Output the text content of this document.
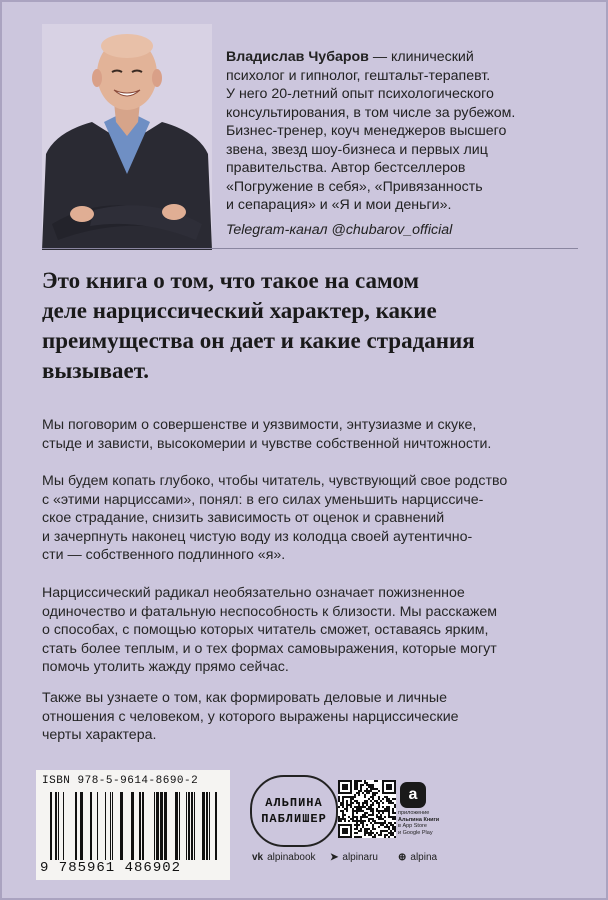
Владислав Чубаров — клинический
психолог и гипнолог, гештальт-терапевт.
У него 20-летний опыт психологического
консультирования, в том числе за рубежом.
Бизнес-тренер, коуч менеджеров высшего
звена, звезд шоу-бизнеса и первых лиц
правительства. Автор бестселлеров
«Погружение в себя», «Привязанность
и сепарация» и «Я и мои деньги».
Telegram-канал @chubarov_official
Это книга о том, что такое на самом
деле нарциссический характер, какие
преимущества он дает и какие страдания
вызывает.
Мы поговорим о совершенстве и уязвимости, энтузиазме и скуке,
стыде и зависти, высокомерии и чувстве собственной ничтожности.
Мы будем копать глубоко, чтобы читатель, чувствующий свое родство
с «этими нарциссами», понял: в его силах уменьшить нарциссиче-
ское страдание, снизить зависимость от оценок и сравнений
и зачерпнуть наконец чистую воду из колодца своей аутентично-
сти — собственного подлинного «я».
Нарциссический радикал необязательно означает пожизненное
одиночество и фатальную неспособность к близости. Мы расскажем
о способах, с помощью которых читатель сможет, оставаясь ярким,
стать более теплым, и о тех формах самовыражения, которые могут
помочь утолить жажду прямо сейчас.
Также вы узнаете о том, как формировать деловые и личные
отношения с человеком, у которого выражены нарциссические
черты характера.
ISBN 978-5-9614-8690-2
9 785961 486902
АЛЬПИНА
ПАБЛИШЕР
a
приложение
Альпина Книги
в App Store
и Google Play
vk alpinabook ➤ alpinaru ⊕ alpina
